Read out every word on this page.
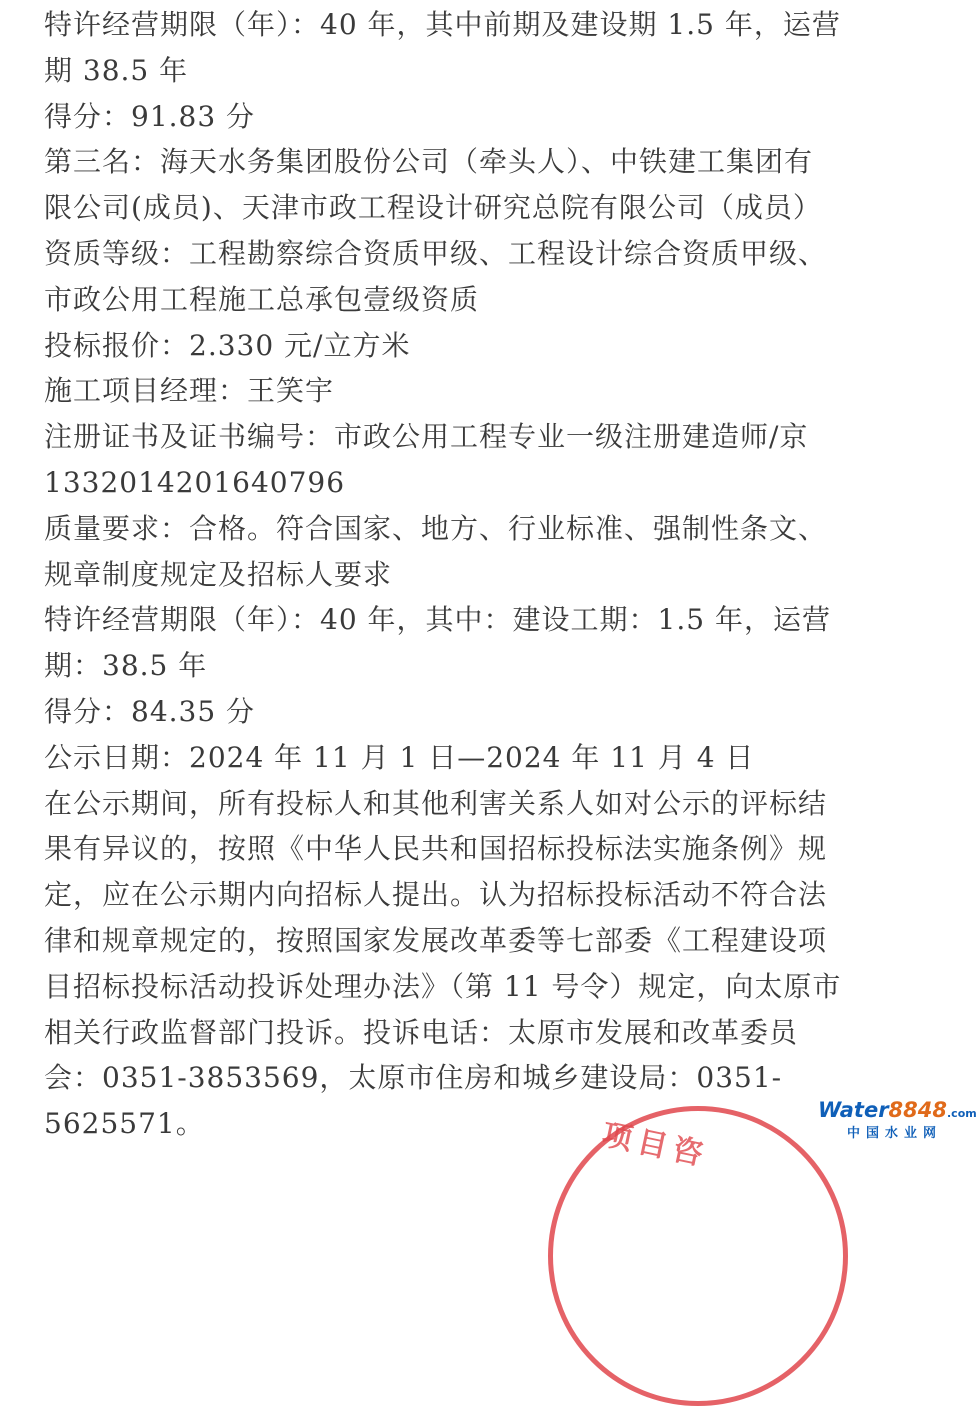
特许经营期限（年）：40 年，其中前期及建设期 1.5 年，运营
期 38.5 年
得分：91.83 分
第三名：海天水务集团股份公司（牵头人）、中铁建工集团有
限公司(成员)、天津市政工程设计研究总院有限公司（成员）
资质等级：工程勘察综合资质甲级、工程设计综合资质甲级、
市政公用工程施工总承包壹级资质
投标报价：2.330 元/立方米
施工项目经理：王笑宇
注册证书及证书编号：市政公用工程专业一级注册建造师/京
1332014201640796
质量要求：合格。符合国家、地方、行业标准、强制性条文、
规章制度规定及招标人要求
特许经营期限（年）：40 年，其中：建设工期：1.5 年，运营
期：38.5 年
得分：84.35 分
公示日期：2024 年 11 月 1 日—2024 年 11 月 4 日
在公示期间，所有投标人和其他利害关系人如对公示的评标结
果有异议的，按照《中华人民共和国招标投标法实施条例》规
定，应在公示期内向招标人提出。认为招标投标活动不符合法
律和规章规定的，按照国家发展改革委等七部委《工程建设项
目招标投标活动投诉处理办法》（第 11 号令）规定，向太原市
相关行政监督部门投诉。投诉电话：太原市发展和改革委员
会：0351-3853569，太原市住房和城乡建设局：0351-
5625571。	项目咨
Water8848.com
中国水业网
